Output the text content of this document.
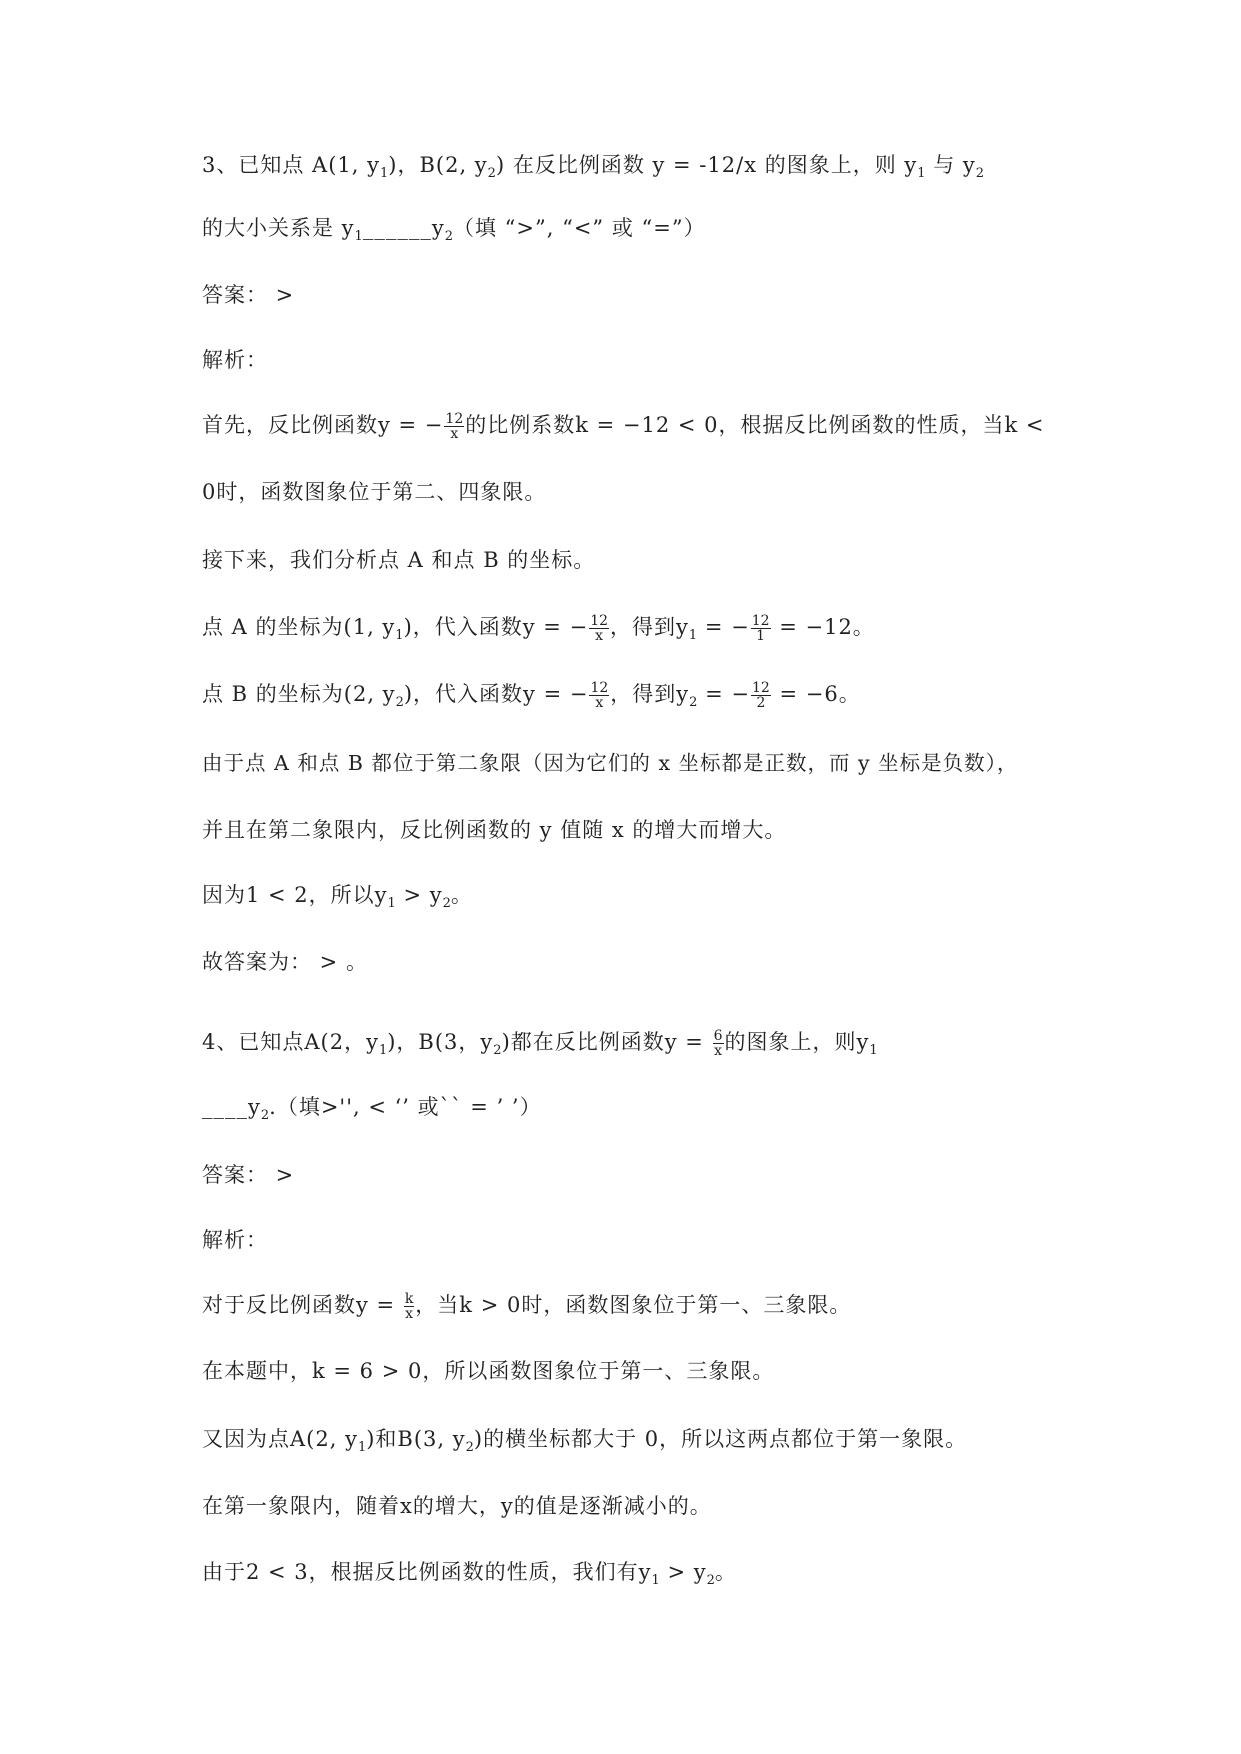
3、已知点 A(1, $y_1$)，B(2, $y_2$) 在反比例函数 y = -12/x 的图象上，则 $y_1$ 与 $y_2$
的大小关系是 $y_1\_\_\_\_\_\_y_2$（填 “>”, “<” 或 “=”）
答案： >
解析：
首先，反比例函数y = − $\frac{12}{x}$ 的比例系数k = −12 < 0，根据反比例函数的性质，当k <
0时，函数图象位于第二、四象限。
接下来，我们分析点 A 和点 B 的坐标。
点 A 的坐标为(1, $y_1$)，代入函数y = − $\frac{12}{x}$ ，得到$y_1$ = − $\frac{12}{1} = -12$。
点 B 的坐标为(2, $y_2$)，代入函数y = − $\frac{12}{x}$ ，得到$y_2$ = − $\frac{12}{2} = -6$。
由于点 A 和点 B 都位于第二象限（因为它们的 x 坐标都是正数，而 y 坐标是负数），
并且在第二象限内，反比例函数的 y 值随 x 的增大而增大。
因为1 < 2，所以$y_1 > y_2$。
故答案为： > 。
4、已知点A(2，$y_1$)，B(3，$y_2$)都在反比例函数$y = \frac{6}{x}$ 的图象上，则$y_1$
$\_\_\_\_y_2$.（填>'', < ‘’ 或`` = ’ ’）
答案： >
解析：
对于反比例函数$y = \frac{k}{x}$ ，当k > 0时，函数图象位于第一、三象限。
在本题中，k = 6 > 0，所以函数图象位于第一、三象限。
又因为点A(2, $y_1$)和B(3, $y_2$)的横坐标都大于 0，所以这两点都位于第一象限。
在第一象限内，随着x的增大，y的值是逐渐减小的。
由于2 < 3，根据反比例函数的性质，我们有$y_1 > y_2$。
